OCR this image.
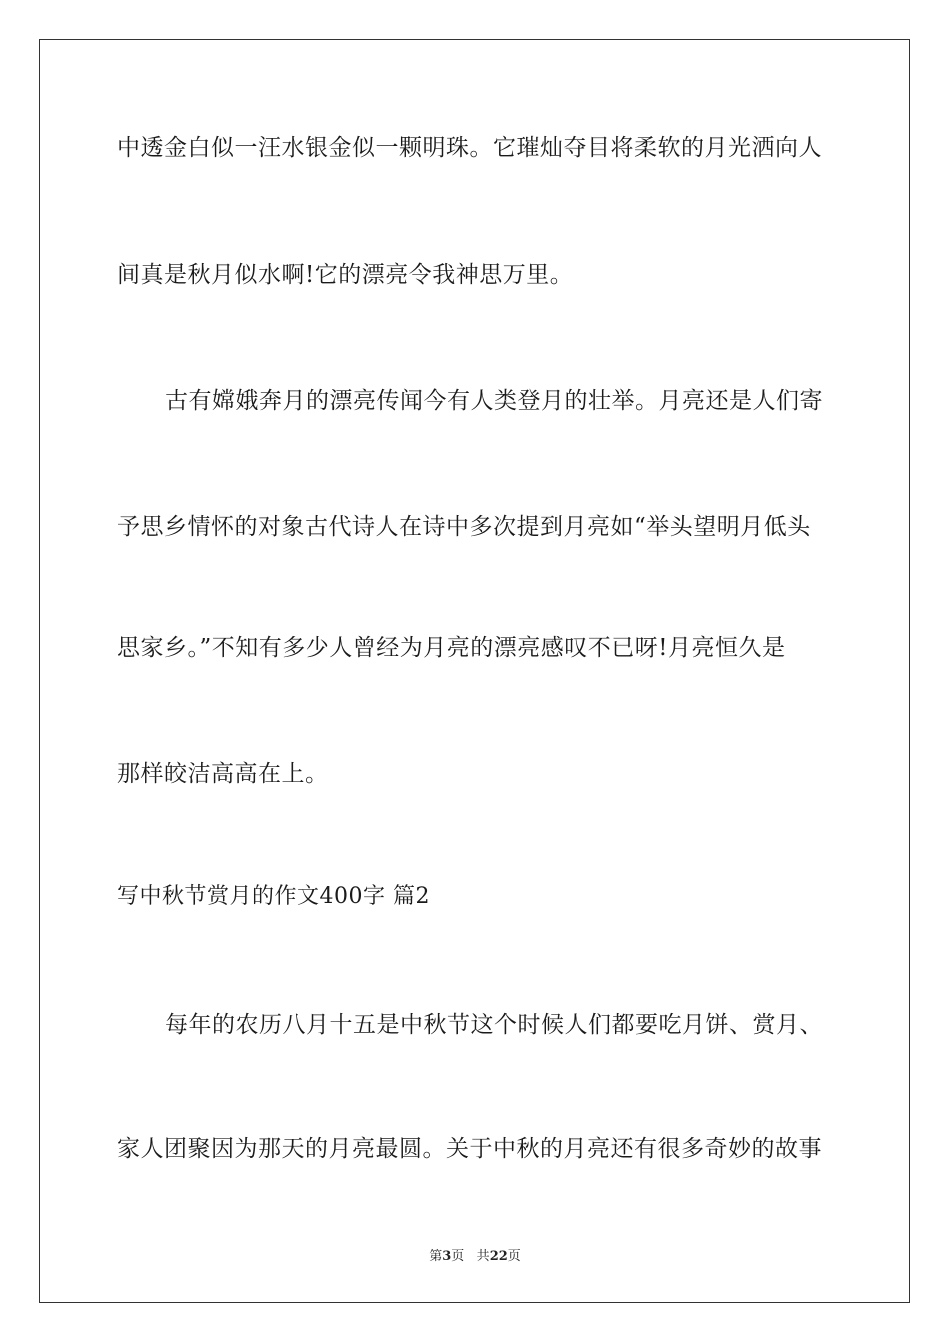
中透金白似一汪水银金似一颗明珠。它璀灿夺目将柔软的月光洒向人
间真是秋月似水啊!它的漂亮令我神思万里。
古有嫦娥奔月的漂亮传闻今有人类登月的壮举。月亮还是人们寄
予思乡情怀的对象古代诗人在诗中多次提到月亮如“举头望明月低头
思家乡。”不知有多少人曾经为月亮的漂亮感叹不已呀!月亮恒久是
那样皎洁高高在上。
写中秋节赏月的作文400字 篇2
每年的农历八月十五是中秋节这个时候人们都要吃月饼、赏月、
家人团聚因为那天的月亮最圆。关于中秋的月亮还有很多奇妙的故事
第3页 共22页
